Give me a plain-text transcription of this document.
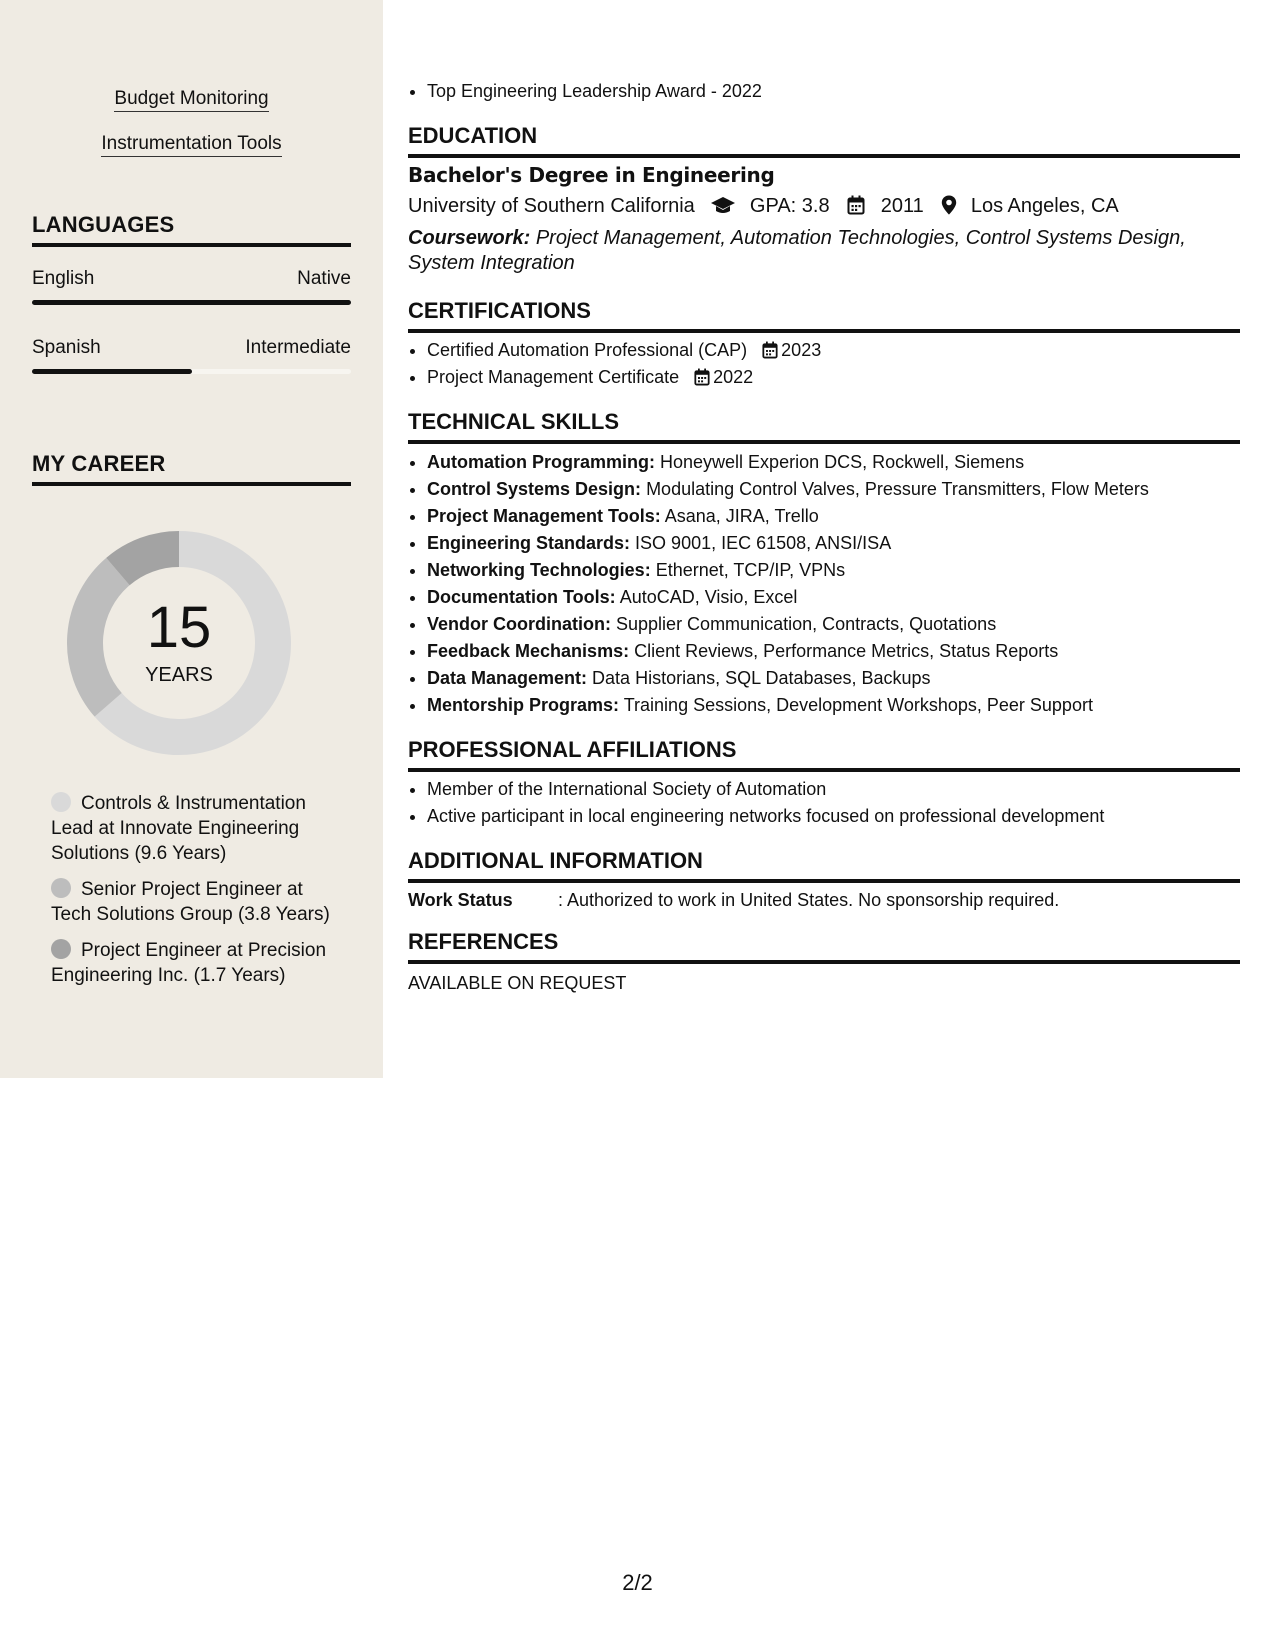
Budget Monitoring
Instrumentation Tools
LANGUAGES
English	Native
Spanish	Intermediate
MY CAREER
15
YEARS
Controls & Instrumentation Lead at Innovate Engineering Solutions (9.6 Years)
Senior Project Engineer at Tech Solutions Group (3.8 Years)
Project Engineer at Precision Engineering Inc. (1.7 Years)
• Top Engineering Leadership Award - 2022
EDUCATION
Bachelor's Degree in Engineering
University of Southern California	GPA: 3.8	2011 Los Angeles, CA
Coursework: Project Management, Automation Technologies, Control Systems Design, System Integration
CERTIFICATIONS
• Certified Automation Professional (CAP) 2023
• Project Management Certificate 2022
TECHNICAL SKILLS
• Automation Programming: Honeywell Experion DCS, Rockwell, Siemens
• Control Systems Design: Modulating Control Valves, Pressure Transmitters, Flow Meters
• Project Management Tools: Asana, JIRA, Trello
• Engineering Standards: ISO 9001, IEC 61508, ANSI/ISA
• Networking Technologies: Ethernet, TCP/IP, VPNs
• Documentation Tools: AutoCAD, Visio, Excel
• Vendor Coordination: Supplier Communication, Contracts, Quotations
• Feedback Mechanisms: Client Reviews, Performance Metrics, Status Reports
• Data Management: Data Historians, SQL Databases, Backups
• Mentorship Programs: Training Sessions, Development Workshops, Peer Support
PROFESSIONAL AFFILIATIONS
• Member of the International Society of Automation
• Active participant in local engineering networks focused on professional development
ADDITIONAL INFORMATION
Work Status	: Authorized to work in United States. No sponsorship required.
REFERENCES
AVAILABLE ON REQUEST
2/2
